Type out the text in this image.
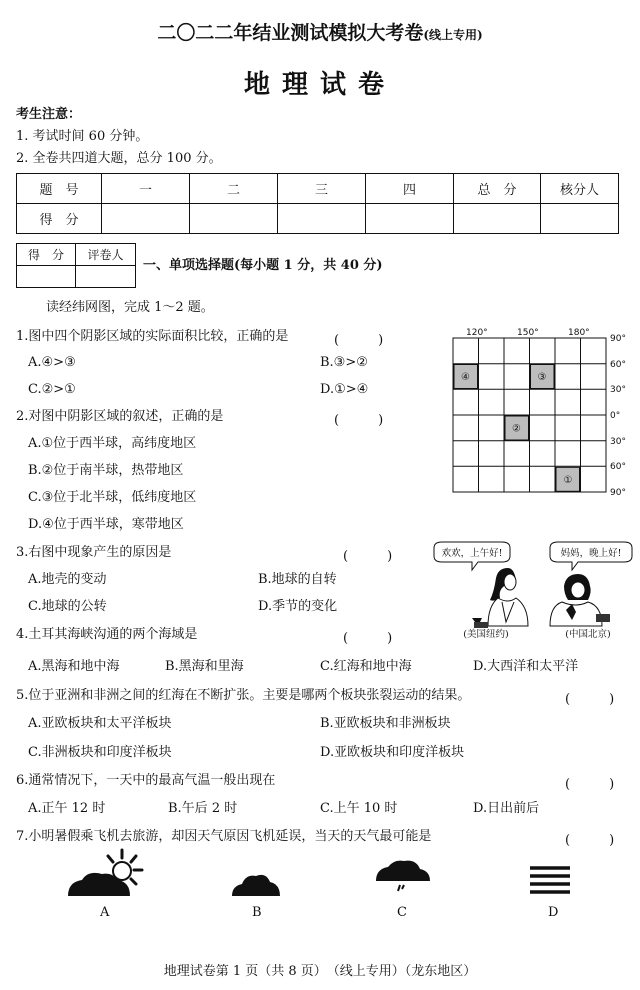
二〇二二年结业测试模拟大考卷(线上专用)
地理试卷
考生注意：
1. 考试时间 60 分钟。
2. 全卷共四道大题，总分 100 分。
题　号	一	二	三	四	总　分	核分人
得　分						
得　分	评卷人

一、单项选择题(每小题 1 分，共 40 分)
读经纬网图，完成 1～2 题。
1.图中四个阴影区域的实际面积比较，正确的是	(　　　)
A.④>③	B.③>②
C.②>①	D.①>④
2.对图中阴影区域的叙述，正确的是	(　　　)
A.①位于西半球，高纬度地区
B.②位于南半球，热带地区
C.③位于北半球，低纬度地区
D.④位于西半球，寒带地区
④	③
②
①
120°	150°	180°
90°
60°
30°
0°
30°
60°
90°
3.右图中现象产生的原因是	(　　　)
A.地壳的变动	B.地球的自转
C.地球的公转	D.季节的变化
欢欢，上午好!	妈妈，晚上好!
(美国纽约)	(中国北京)
4.土耳其海峡沟通的两个海域是	(　　　)
A.黑海和地中海	B.黑海和里海	C.红海和地中海	D.大西洋和太平洋
5.位于亚洲和非洲之间的红海在不断扩张。主要是哪两个板块张裂运动的结果。	(　　　)
A.亚欧板块和太平洋板块	B.亚欧板块和非洲板块
C.非洲板块和印度洋板块	D.亚欧板块和印度洋板块
6.通常情况下，一天中的最高气温一般出现在	(　　　)
A.正午 12 时	B.午后 2 时	C.上午 10 时	D.日出前后
7.小明暑假乘飞机去旅游，却因天气原因飞机延误，当天的天气最可能是	(　　　)
A	B	C	D
地理试卷第 1 页（共 8 页）　（线上专用）（龙东地区）
